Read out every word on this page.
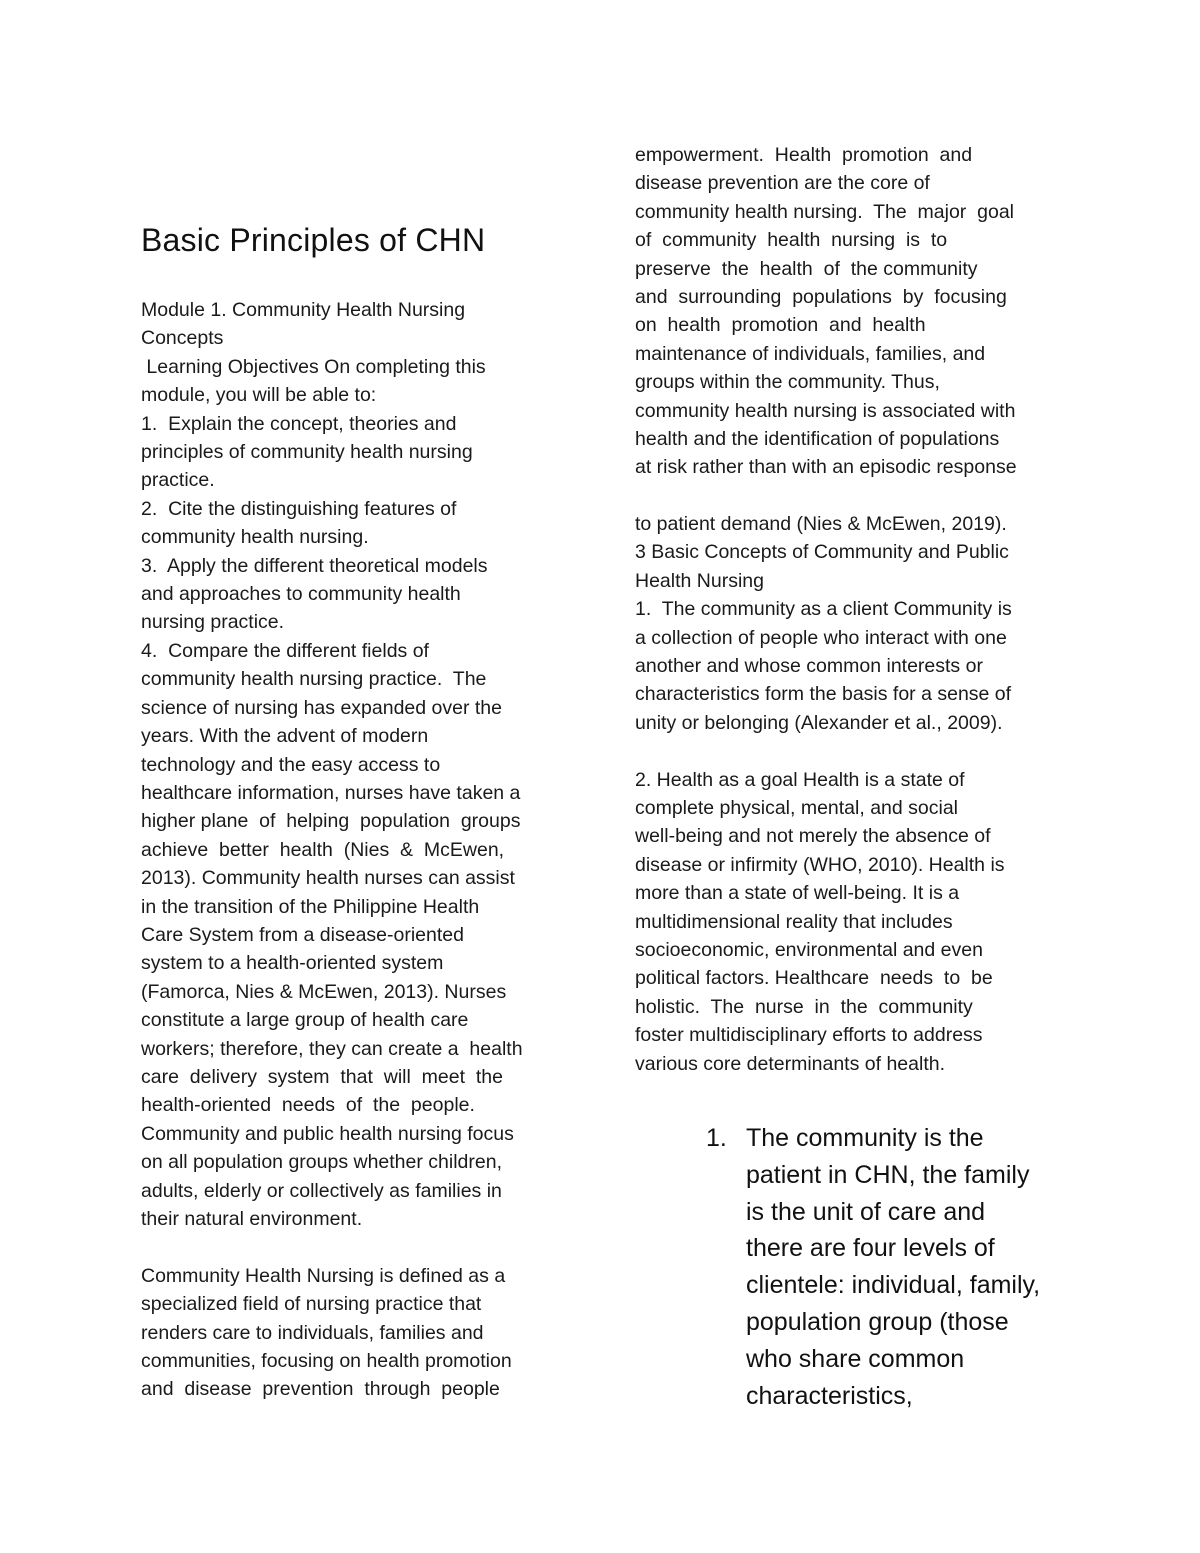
Basic Principles of CHN
Module 1. Community Health Nursing
Concepts
Learning Objectives On completing this
module, you will be able to:
1.  Explain the concept, theories and
principles of community health nursing
practice.
2.  Cite the distinguishing features of
community health nursing.
3.  Apply the different theoretical models
and approaches to community health
nursing practice.
4.  Compare the different fields of
community health nursing practice.  The
science of nursing has expanded over the
years. With the advent of modern
technology and the easy access to
healthcare information, nurses have taken a
higher plane  of  helping  population  groups
achieve  better  health  (Nies  &  McEwen,
2013). Community health nurses can assist
in the transition of the Philippine Health
Care System from a disease-oriented
system to a health-oriented system
(Famorca, Nies & McEwen, 2013). Nurses
constitute a large group of health care
workers; therefore, they can create a  health
care  delivery  system  that  will  meet  the
health-oriented  needs  of  the  people.
Community and public health nursing focus
on all population groups whether children,
adults, elderly or collectively as families in
their natural environment.
Community Health Nursing is defined as a
specialized field of nursing practice that
renders care to individuals, families and
communities, focusing on health promotion
and  disease  prevention  through  people
empowerment.  Health  promotion  and
disease prevention are the core of
community health nursing.  The  major  goal
of  community  health  nursing  is  to
preserve  the  health  of  the community
and  surrounding  populations  by  focusing
on  health  promotion  and  health
maintenance of individuals, families, and
groups within the community. Thus,
community health nursing is associated with
health and the identification of populations
at risk rather than with an episodic response
to patient demand (Nies & McEwen, 2019).
3 Basic Concepts of Community and Public
Health Nursing
1.  The community as a client Community is
a collection of people who interact with one
another and whose common interests or
characteristics form the basis for a sense of
unity or belonging (Alexander et al., 2009).
2. Health as a goal Health is a state of
complete physical, mental, and social
well-being and not merely the absence of
disease or infirmity (WHO, 2010). Health is
more than a state of well-being. It is a
multidimensional reality that includes
socioeconomic, environmental and even
political factors. Healthcare  needs  to  be
holistic.  The  nurse  in  the  community
foster multidisciplinary efforts to address
various core determinants of health.
1. The community is the
patient in CHN, the family
is the unit of care and
there are four levels of
clientele: individual, family,
population group (those
who share common
characteristics,
